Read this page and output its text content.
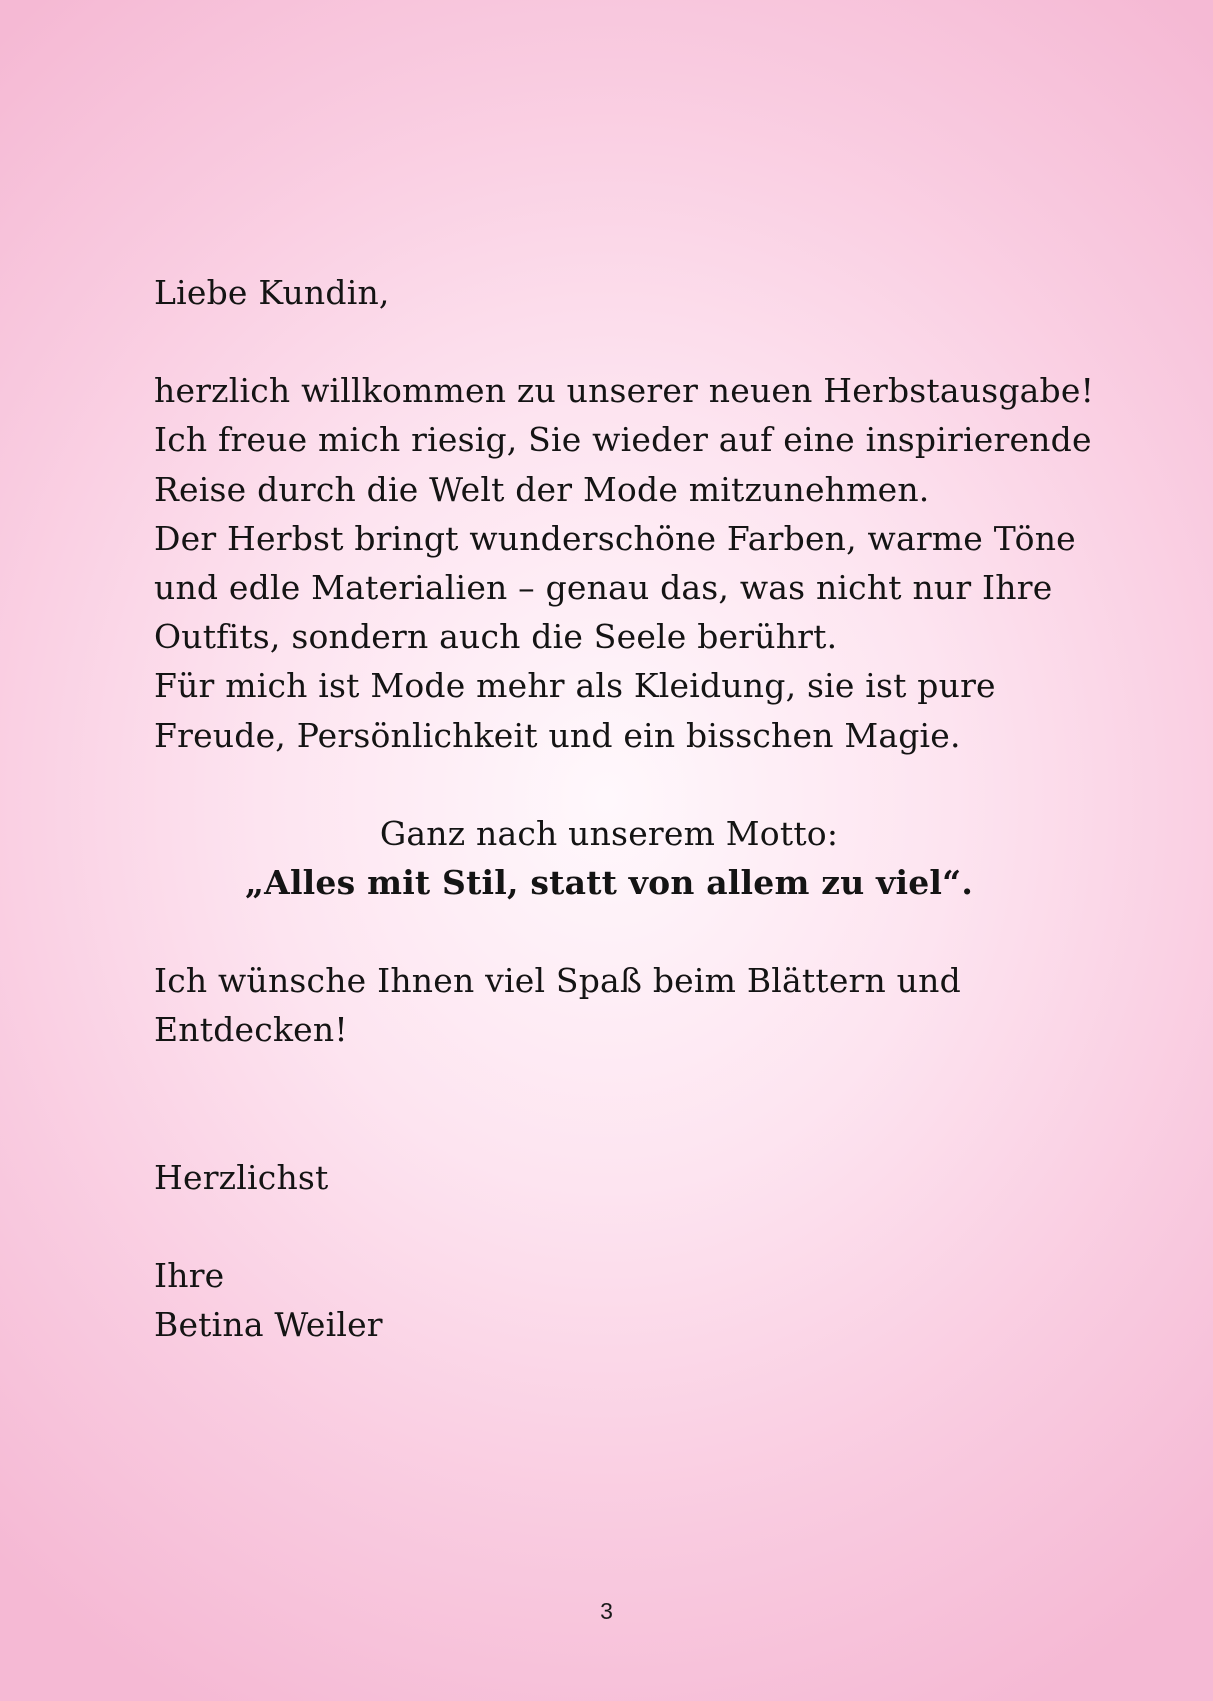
Liebe Kundin,

herzlich willkommen zu unserer neuen Herbstausgabe!

Ich freue mich riesig, Sie wieder auf eine inspirierende

Reise durch die Welt der Mode mitzunehmen.

Der Herbst bringt wunderschöne Farben, warme Töne

und edle Materialien – genau das, was nicht nur Ihre

Outfits, sondern auch die Seele berührt.

Für mich ist Mode mehr als Kleidung, sie ist pure

Freude, Persönlichkeit und ein bisschen Magie.

Ganz nach unserem Motto:
„Alles mit Stil, statt von allem zu viel“.

Ich wünsche Ihnen viel Spaß beim Blättern und

Entdecken!

Herzlichst

Ihre

Betina Weiler

3
